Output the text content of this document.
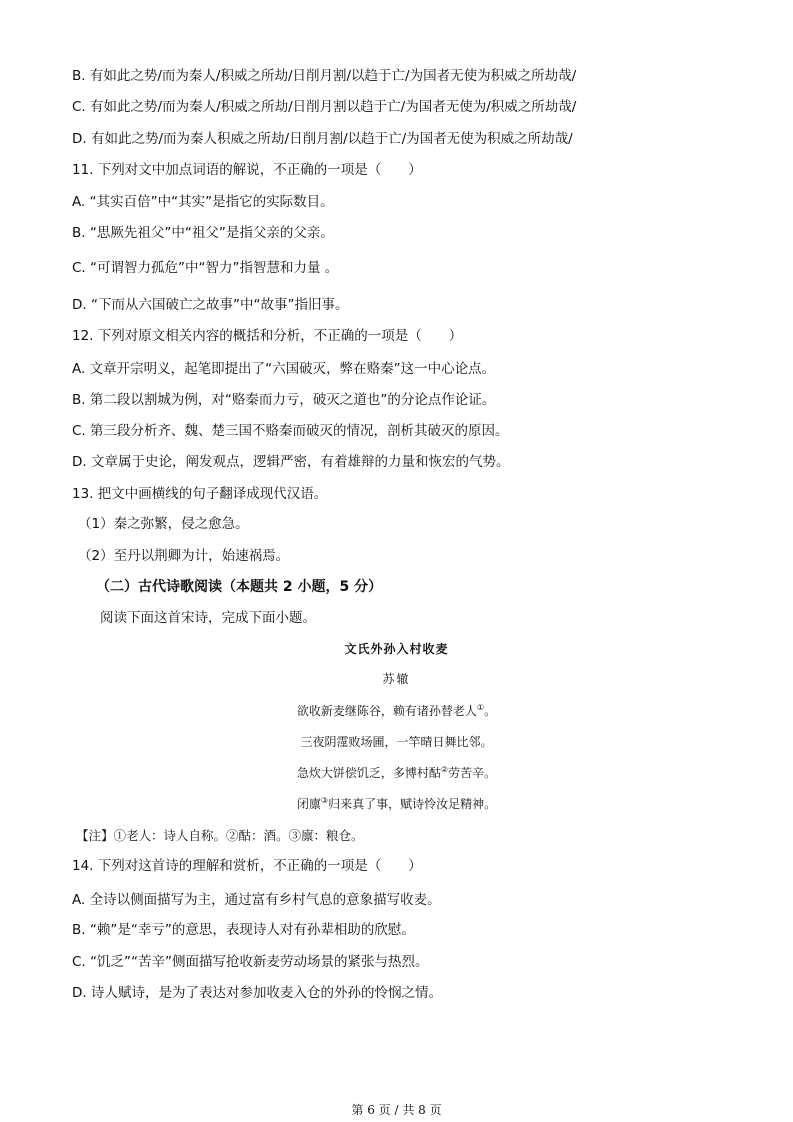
B. 有如此之势/而为秦人/积威之所劫/日削月割/以趋于亡/为国者无使为积威之所劫哉/

C. 有如此之势/而为秦人/积威之所劫/日削月割以趋于亡/为国者无使为/积威之所劫哉/

D. 有如此之势/而为秦人积威之所劫/日削月割/以趋于亡/为国者无使为积威之所劫哉/

11. 下列对文中加点词语的解说，不正确的一项是（　　）

A. “其实百倍”中“其实”是指它的实际数目。

B. “思厥先祖父”中“祖父”是指父亲的父亲。

C. “可谓智力孤危”中“智力”指智慧和力量 。

D. “下而从六国破亡之故事”中“故事”指旧事。

12. 下列对原文相关内容的概括和分析，不正确的一项是（　　）

A. 文章开宗明义，起笔即提出了“六国破灭，弊在赂秦”这一中心论点。

B. 第二段以割城为例，对“赂秦而力亏，破灭之道也”的分论点作论证。

C. 第三段分析齐、魏、楚三国不赂秦而破灭的情况，剖析其破灭的原因。

D. 文章属于史论，阐发观点，逻辑严密，有着雄辩的力量和恢宏的气势。

13. 把文中画横线的句子翻译成现代汉语。

（1）秦之弥繁，侵之愈急。

（2）至丹以荆卿为计，始速祸焉。

（二）古代诗歌阅读（本题共 2 小题，5 分）

阅读下面这首宋诗，完成下面小题。

文氏外孙入村收麦

苏辙

欲收新麦继陈谷，赖有诸孙替老人①。

三夜阴霪败场圃，一竿晴日舞比邻。

急炊大饼偿饥乏，多博村酤②劳苦辛。

闭廪③归来真了事，赋诗怜汝足精神。

【注】①老人：诗人自称。②酤：酒。③廪：粮仓。

14. 下列对这首诗的理解和赏析，不正确的一项是（　　）

A. 全诗以侧面描写为主，通过富有乡村气息的意象描写收麦。

B. “赖”是“幸亏”的意思，表现诗人对有孙辈相助的欣慰。

C. “饥乏”“苦辛”侧面描写抢收新麦劳动场景的紧张与热烈。

D. 诗人赋诗，是为了表达对参加收麦入仓的外孙的怜悯之情。

第 6 页 / 共 8 页
